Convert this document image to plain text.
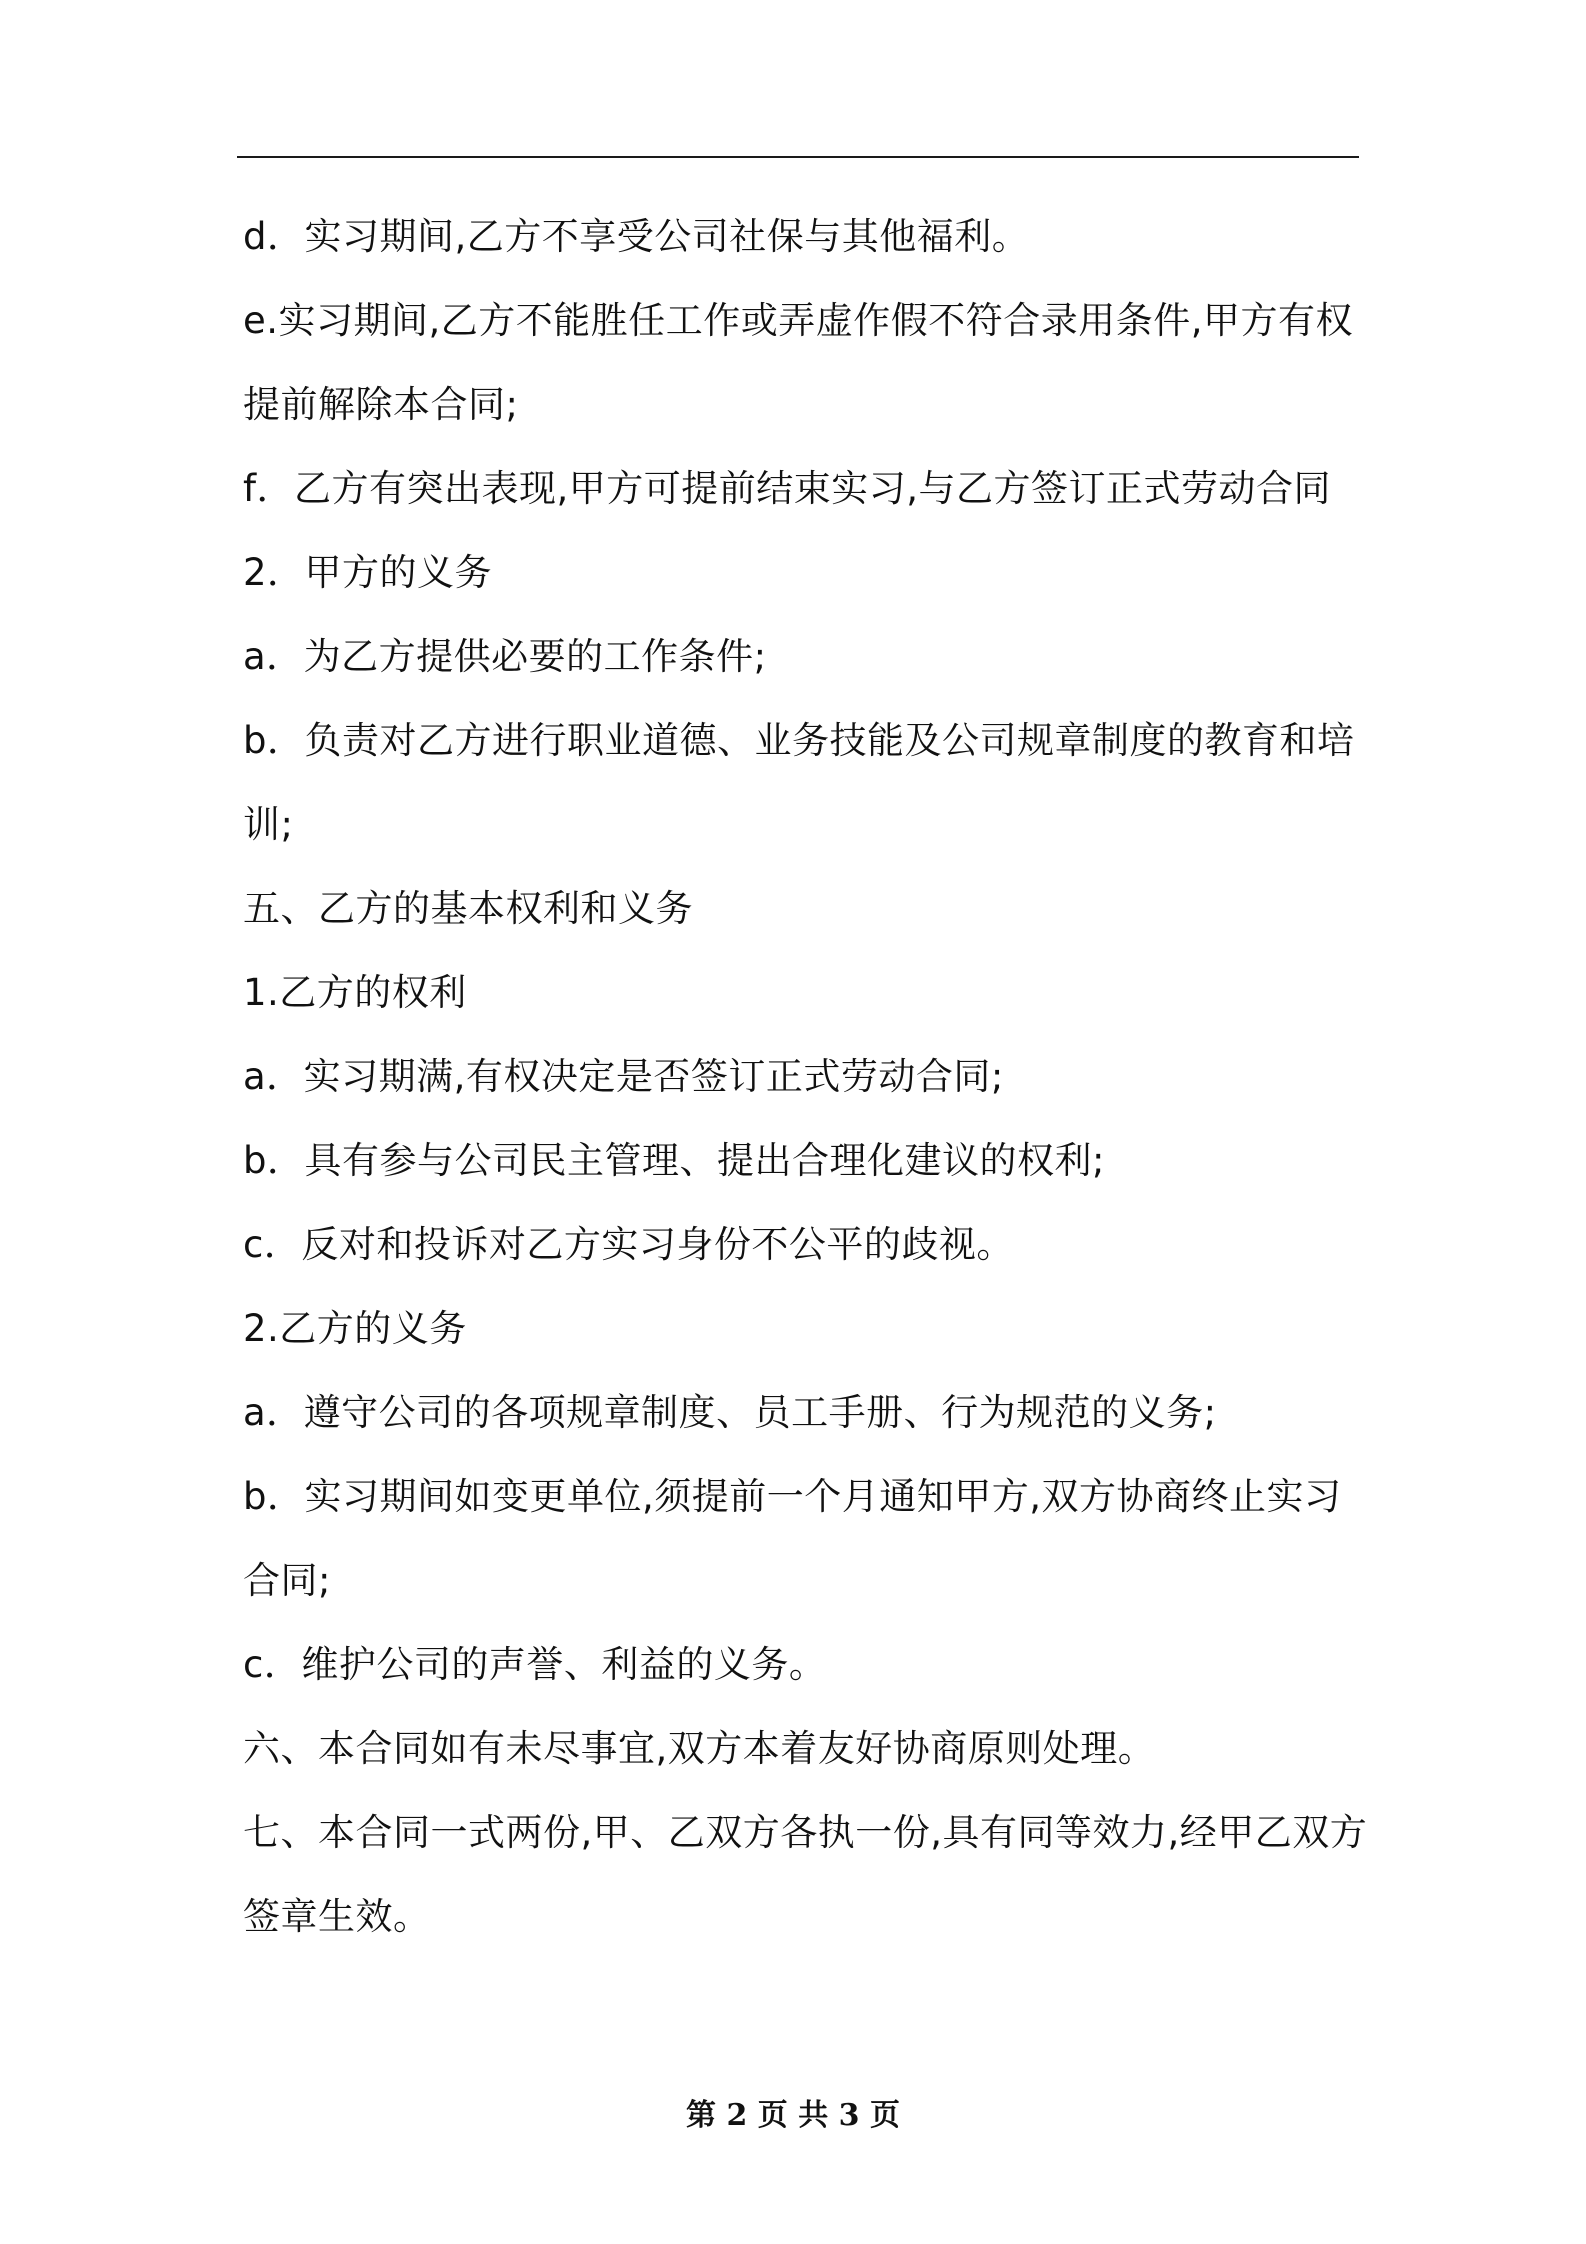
d．实习期间,乙方不享受公司社保与其他福利。
e.实习期间,乙方不能胜任工作或弄虚作假不符合录用条件,甲方有权
提前解除本合同;
f．乙方有突出表现,甲方可提前结束实习,与乙方签订正式劳动合同
2．甲方的义务
a．为乙方提供必要的工作条件;
b．负责对乙方进行职业道德、业务技能及公司规章制度的教育和培
训;
五、乙方的基本权利和义务
1.乙方的权利
a．实习期满,有权决定是否签订正式劳动合同;
b．具有参与公司民主管理、提出合理化建议的权利;
c．反对和投诉对乙方实习身份不公平的歧视。
2.乙方的义务
a．遵守公司的各项规章制度、员工手册、行为规范的义务;
b．实习期间如变更单位,须提前一个月通知甲方,双方协商终止实习
合同;
c．维护公司的声誉、利益的义务。
六、本合同如有未尽事宜,双方本着友好协商原则处理。
七、本合同一式两份,甲、乙双方各执一份,具有同等效力,经甲乙双方
签章生效。
第 2 页 共 3 页
